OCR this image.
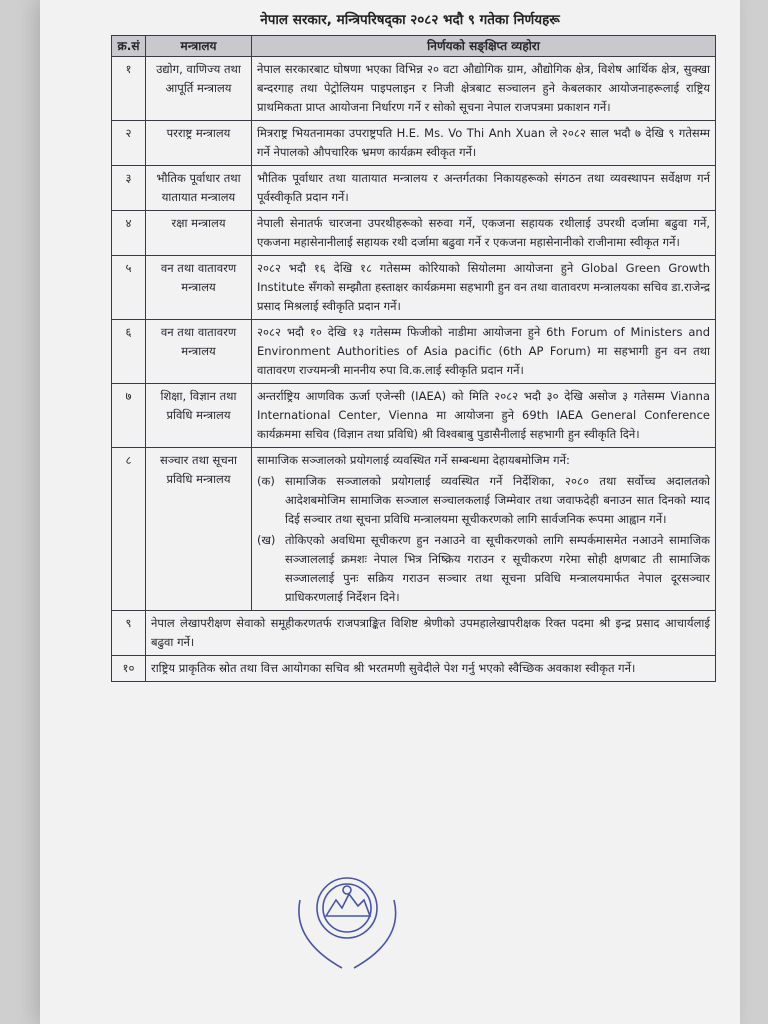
नेपाल सरकार, मन्त्रिपरिषद्का २०८२ भदौ ९ गतेका निर्णयहरू
क्र.सं	मन्त्रालय	निर्णयको सङ्क्षिप्त व्यहोरा
१	उद्योग, वाणिज्य तथा आपूर्ति मन्त्रालय	नेपाल सरकारबाट घोषणा भएका विभिन्न २० वटा औद्योगिक ग्राम, औद्योगिक क्षेत्र, विशेष आर्थिक क्षेत्र, सुक्खा बन्दरगाह तथा पेट्रोलियम पाइपलाइन र निजी क्षेत्रबाट सञ्चालन हुने केबलकार आयोजनाहरूलाई राष्ट्रिय प्राथमिकता प्राप्त आयोजना निर्धारण गर्ने र सोको सूचना नेपाल राजपत्रमा प्रकाशन गर्ने।
२	परराष्ट्र मन्त्रालय	मित्रराष्ट्र भियतनामका उपराष्ट्रपति H.E. Ms. Vo Thi Anh Xuan ले २०८२ साल भदौ ७ देखि ९ गतेसम्म गर्ने नेपालको औपचारिक भ्रमण कार्यक्रम स्वीकृत गर्ने।
३	भौतिक पूर्वाधार तथा यातायात मन्त्रालय	भौतिक पूर्वाधार तथा यातायात मन्त्रालय र अन्तर्गतका निकायहरूको संगठन तथा व्यवस्थापन सर्वेक्षण गर्न पूर्वस्वीकृति प्रदान गर्ने।
४	रक्षा मन्त्रालय	नेपाली सेनातर्फ चारजना उपरथीहरूको सरुवा गर्ने, एकजना सहायक रथीलाई उपरथी दर्जामा बढुवा गर्ने, एकजना महासेनानीलाई सहायक रथी दर्जामा बढुवा गर्ने र एकजना महासेनानीको राजीनामा स्वीकृत गर्ने।
५	वन तथा वातावरण मन्त्रालय	२०८२ भदौ १६ देखि १८ गतेसम्म कोरियाको सियोलमा आयोजना हुने Global Green Growth Institute सँगको सम्झौता हस्ताक्षर कार्यक्रममा सहभागी हुन वन तथा वातावरण मन्त्रालयका सचिव डा.राजेन्द्र प्रसाद मिश्रलाई स्वीकृति प्रदान गर्ने।
६	वन तथा वातावरण मन्त्रालय	२०८२ भदौ १० देखि १३ गतेसम्म फिजीको नाडीमा आयोजना हुने 6th Forum of Ministers and Environment Authorities of Asia pacific (6th AP Forum) मा सहभागी हुन वन तथा वातावरण राज्यमन्त्री माननीय रुपा वि.क.लाई स्वीकृति प्रदान गर्ने।
७	शिक्षा, विज्ञान तथा प्रविधि मन्त्रालय	अन्तर्राष्ट्रिय आणविक ऊर्जा एजेन्सी (IAEA) को मिति २०८२ भदौ ३० देखि असोज ३ गतेसम्म Vianna International Center, Vienna मा आयोजना हुने 69th IAEA General Conference कार्यक्रममा सचिव (विज्ञान तथा प्रविधि) श्री विश्वबाबु पुडासैनीलाई सहभागी हुन स्वीकृति दिने।
८	सञ्चार तथा सूचना प्रविधि मन्त्रालय	सामाजिक सञ्जालको प्रयोगलाई व्यवस्थित गर्ने सम्बन्धमा देहायबमोजिम गर्ने:
(क) सामाजिक सञ्जालको प्रयोगलाई व्यवस्थित गर्ने निर्देशिका, २०८० तथा सर्वोच्च अदालतको आदेशबमोजिम सामाजिक सञ्जाल सञ्चालकलाई जिम्मेवार तथा जवाफदेही बनाउन सात दिनको म्याद दिई सञ्चार तथा सूचना प्रविधि मन्त्रालयमा सूचीकरणको लागि सार्वजनिक रूपमा आह्वान गर्ने।
(ख) तोकिएको अवधिमा सूचीकरण हुन नआउने वा सूचीकरणको लागि सम्पर्कमासमेत नआउने सामाजिक सञ्जाललाई क्रमशः नेपाल भित्र निष्क्रिय गराउन र सूचीकरण गरेमा सोही क्षणबाट ती सामाजिक सञ्जाललाई पुनः सक्रिय गराउन सञ्चार तथा सूचना प्रविधि मन्त्रालयमार्फत नेपाल दूरसञ्चार प्राधिकरणलाई निर्देशन दिने।

९	नेपाल लेखापरीक्षण सेवाको समूहीकरणतर्फ राजपत्राङ्कित विशिष्ट श्रेणीको उपमहालेखापरीक्षक रिक्त पदमा श्री इन्द्र प्रसाद आचार्यलाई बढुवा गर्ने।	
१०	राष्ट्रिय प्राकृतिक स्रोत तथा वित्त आयोगका सचिव श्री भरतमणी सुवेदीले पेश गर्नु भएको स्वैच्छिक अवकाश स्वीकृत गर्ने।	
